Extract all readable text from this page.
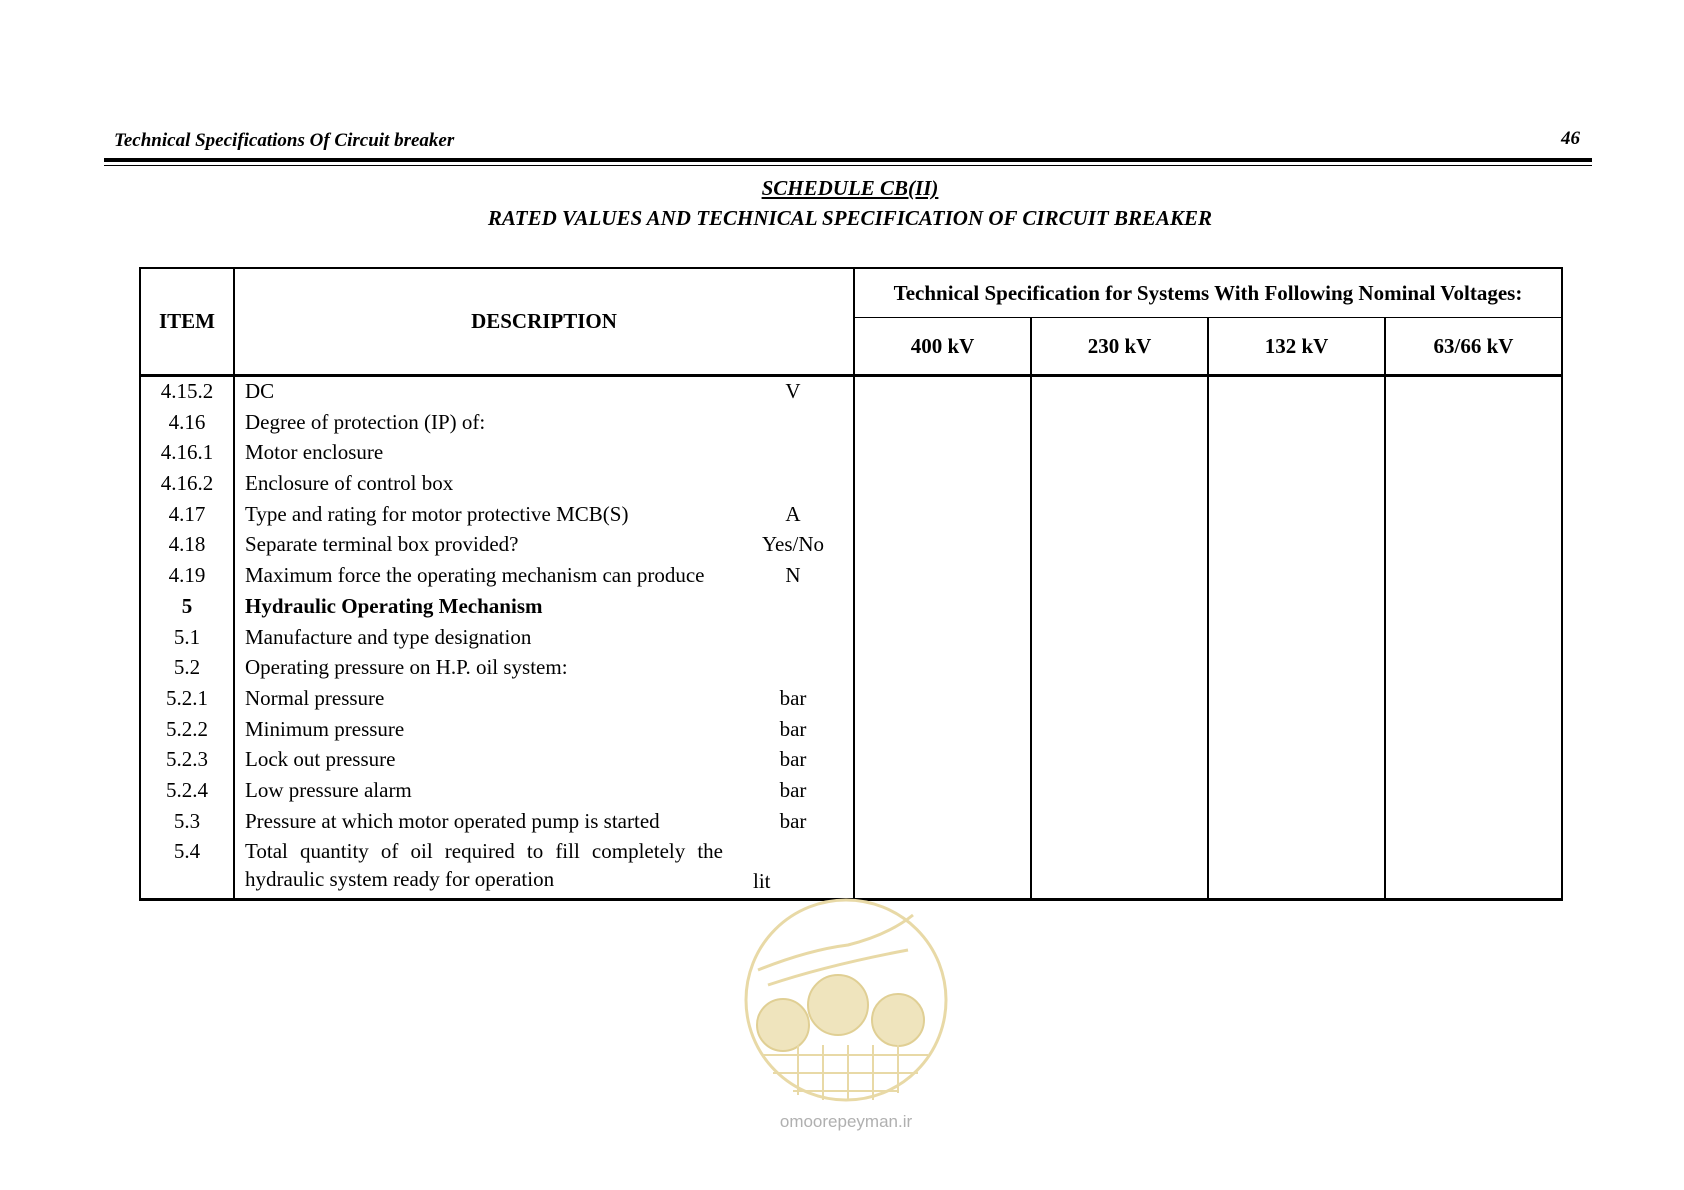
Technical Specifications Of Circuit breaker	46
SCHEDULE CB(II)
RATED VALUES AND TECHNICAL SPECIFICATION OF CIRCUIT BREAKER
ITEM	DESCRIPTION	Technical Specification for Systems With Following Nominal Voltages:			
		400 kV	230 kV	132 kV	63/66 kV
4.15.2	DC V				

4.16	Degree of protection (IP) of:

4.16.1	Motor enclosure

4.16.2	Enclosure of control box

4.17	Type and rating for motor protective MCB(S) A				

4.18	Separate terminal box provided? Yes/No				

4.19	Maximum force the operating mechanism can produce N				

5	Hydraulic Operating Mechanism

5.1	Manufacture and type designation

5.2	Operating pressure on H.P. oil system:

5.2.1	Normal pressure bar				

5.2.2	Minimum pressure bar				

5.2.3	Lock out pressure bar				

5.2.4	Low pressure alarm bar				

5.3	Pressure at which motor operated pump is started bar				

5.4	Total quantity of oil required to fill completely the hydraulic system ready for operation lit				

omoorepeyman.ir
